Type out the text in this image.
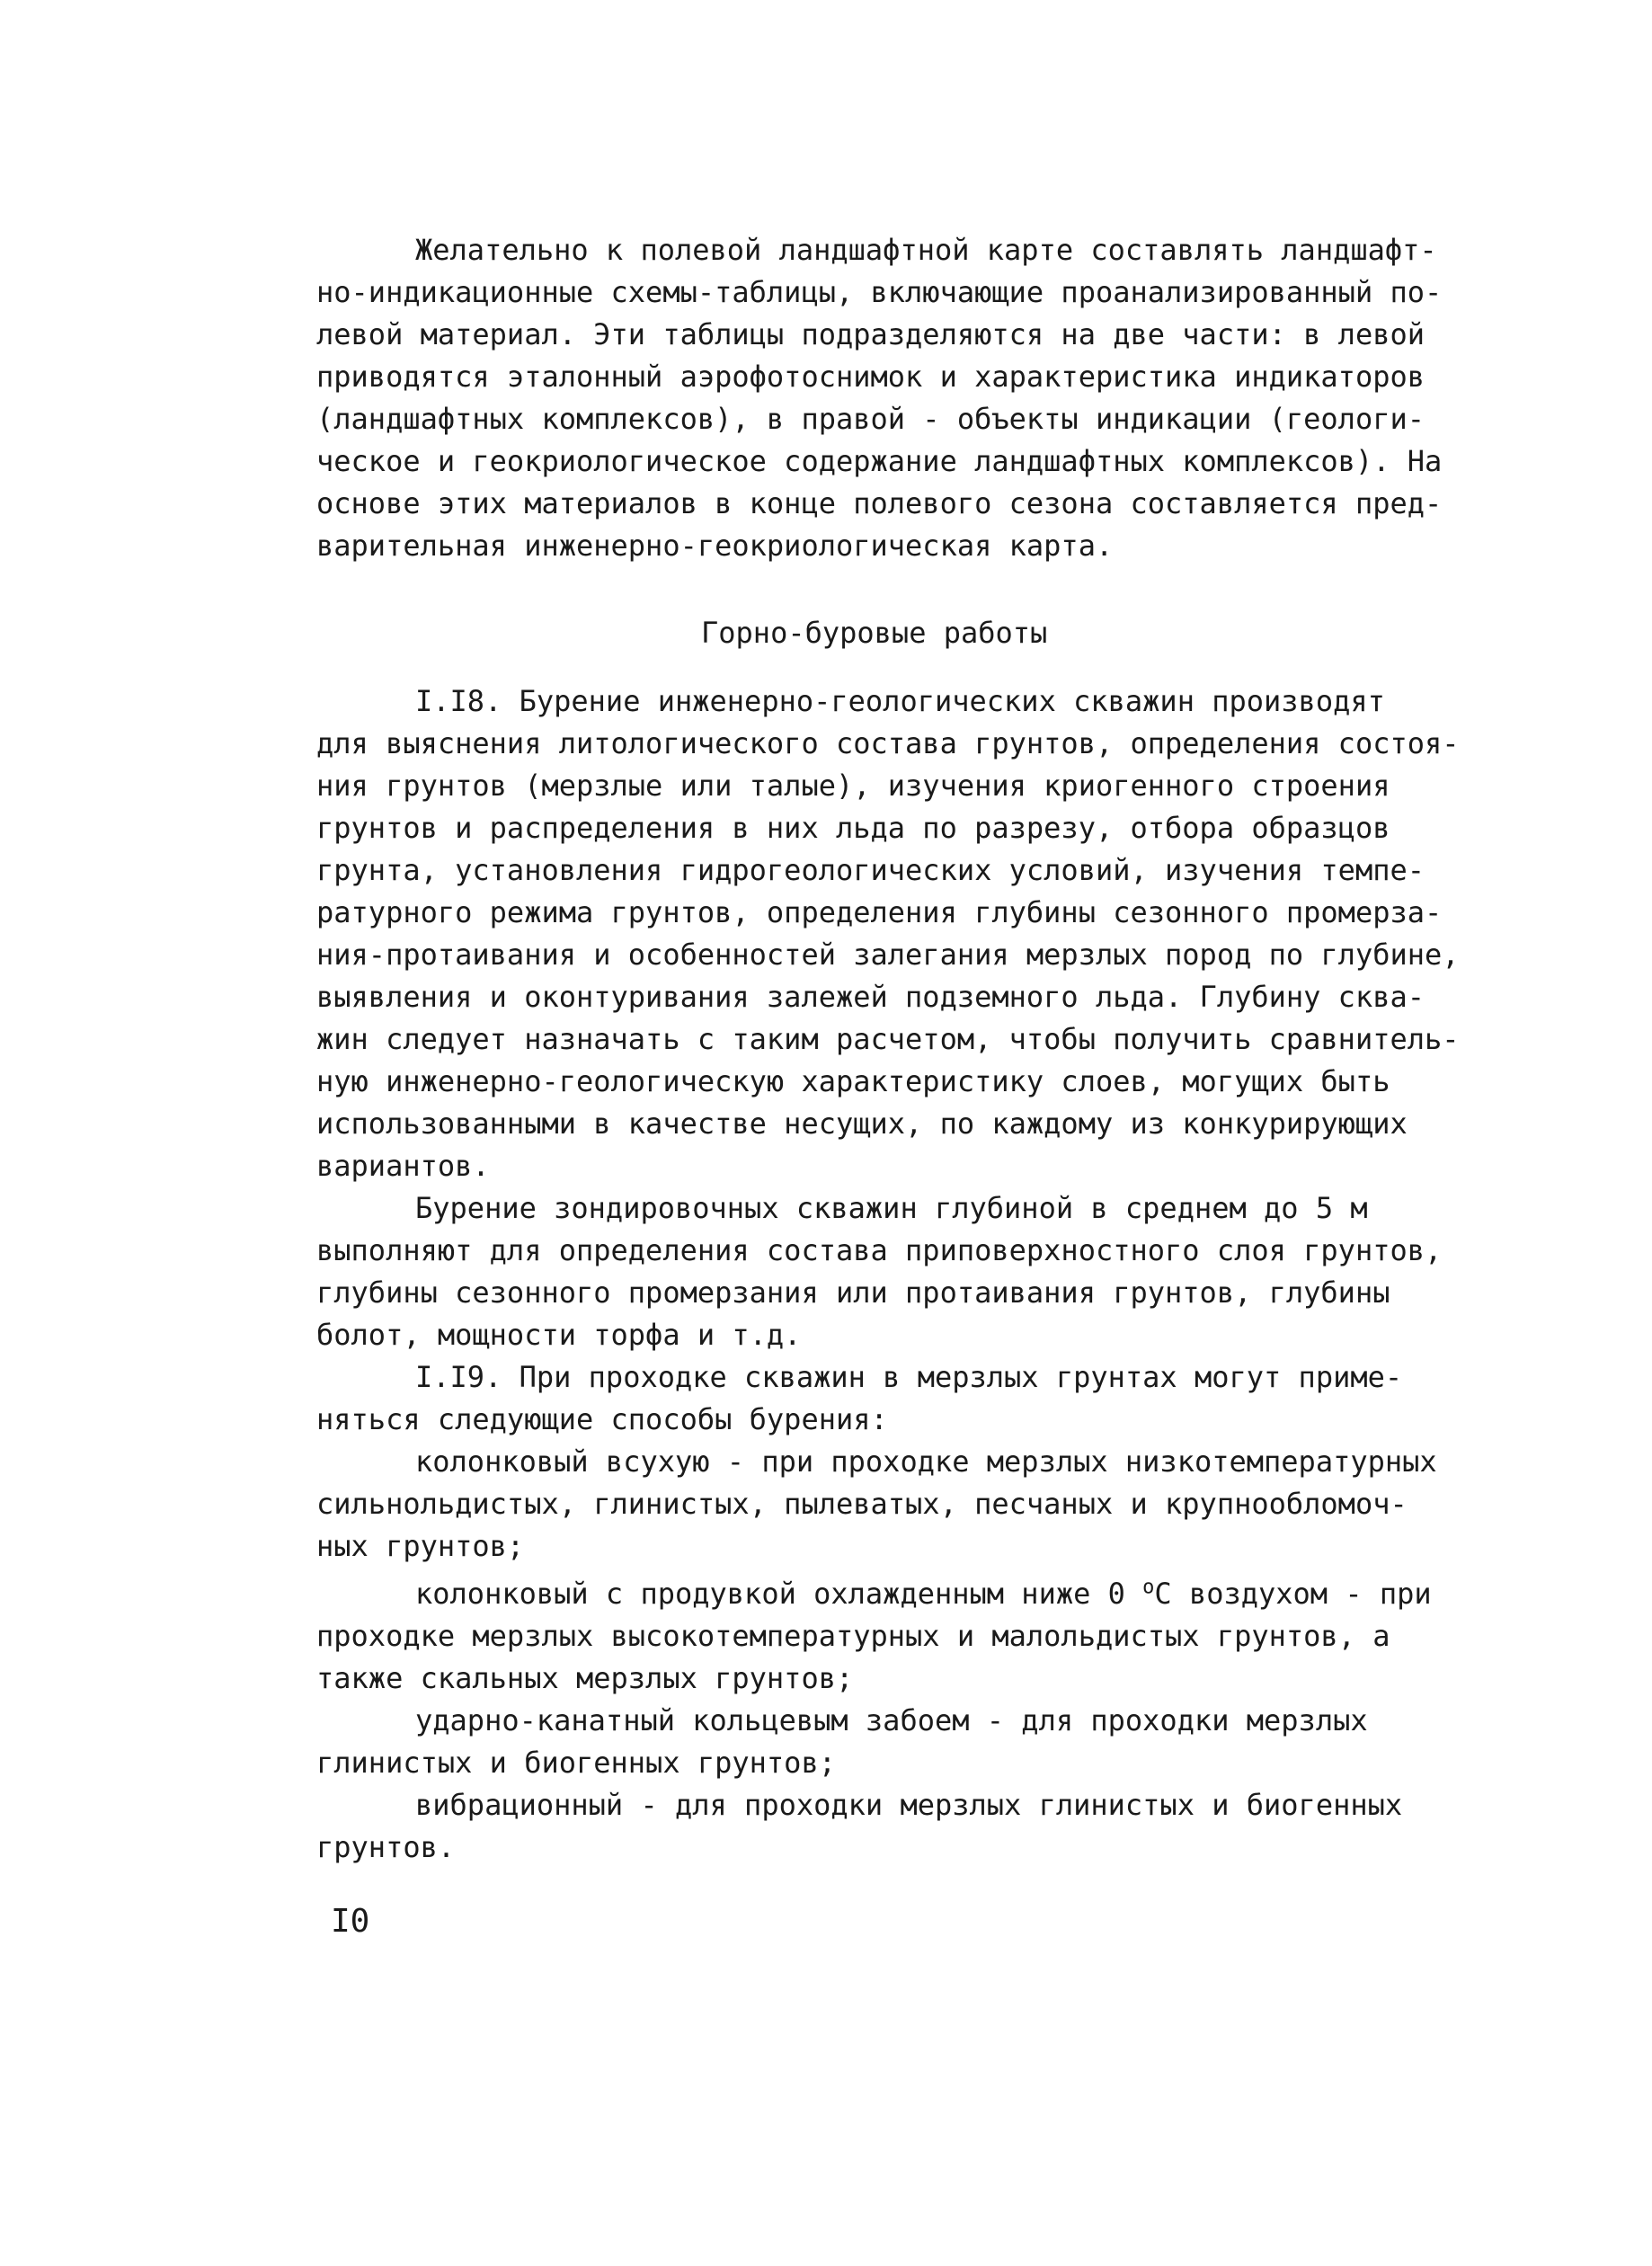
Желательно к полевой ландшафтной карте составлять ландшафт-

но-индикационные схемы-таблицы, включающие проанализированный по-

левой материал. Эти таблицы подразделяются на две части: в левой

приводятся эталонный аэрофотоснимок и характеристика индикаторов

(ландшафтных комплексов), в правой - объекты индикации (геологи-

ческое и геокриологическое содержание ландшафтных комплексов). На

основе этих материалов в конце полевого сезона составляется пред-

варительная инженерно-геокриологическая карта.

Горно-буровые работы

I.I8. Бурение инженерно-геологических скважин производят

для выяснения литологического состава грунтов, определения состоя-

ния грунтов (мерзлые или талые), изучения криогенного строения

грунтов и распределения в них льда по разрезу, отбора образцов

грунта, установления гидрогеологических условий, изучения темпе-

ратурного режима грунтов, определения глубины сезонного промерза-

ния-протаивания и особенностей залегания мерзлых пород по глубине,

выявления и оконтуривания залежей подземного льда. Глубину сква-

жин следует назначать с таким расчетом, чтобы получить сравнитель-

ную инженерно-геологическую характеристику слоев, могущих быть

использованными в качестве несущих, по каждому из конкурирующих

вариантов.

Бурение зондировочных скважин глубиной в среднем до 5 м

выполняют для определения состава приповерхностного слоя грунтов,

глубины сезонного промерзания или протаивания грунтов, глубины

болот, мощности торфа и т.д.

I.I9. При проходке скважин в мерзлых грунтах могут приме-

няться следующие способы бурения:

колонковый всухую - при проходке мерзлых низкотемпературных

сильнольдистых, глинистых, пылеватых, песчаных и крупнообломоч-

ных грунтов;

колонковый с продувкой охлажденным ниже 0 $^о$С воздухом - при

проходке мерзлых высокотемпературных и малольдистых грунтов, а

также скальных мерзлых грунтов;

ударно-канатный кольцевым забоем - для проходки мерзлых

глинистых и биогенных грунтов;

вибрационный - для проходки мерзлых глинистых и биогенных

грунтов.

I0
